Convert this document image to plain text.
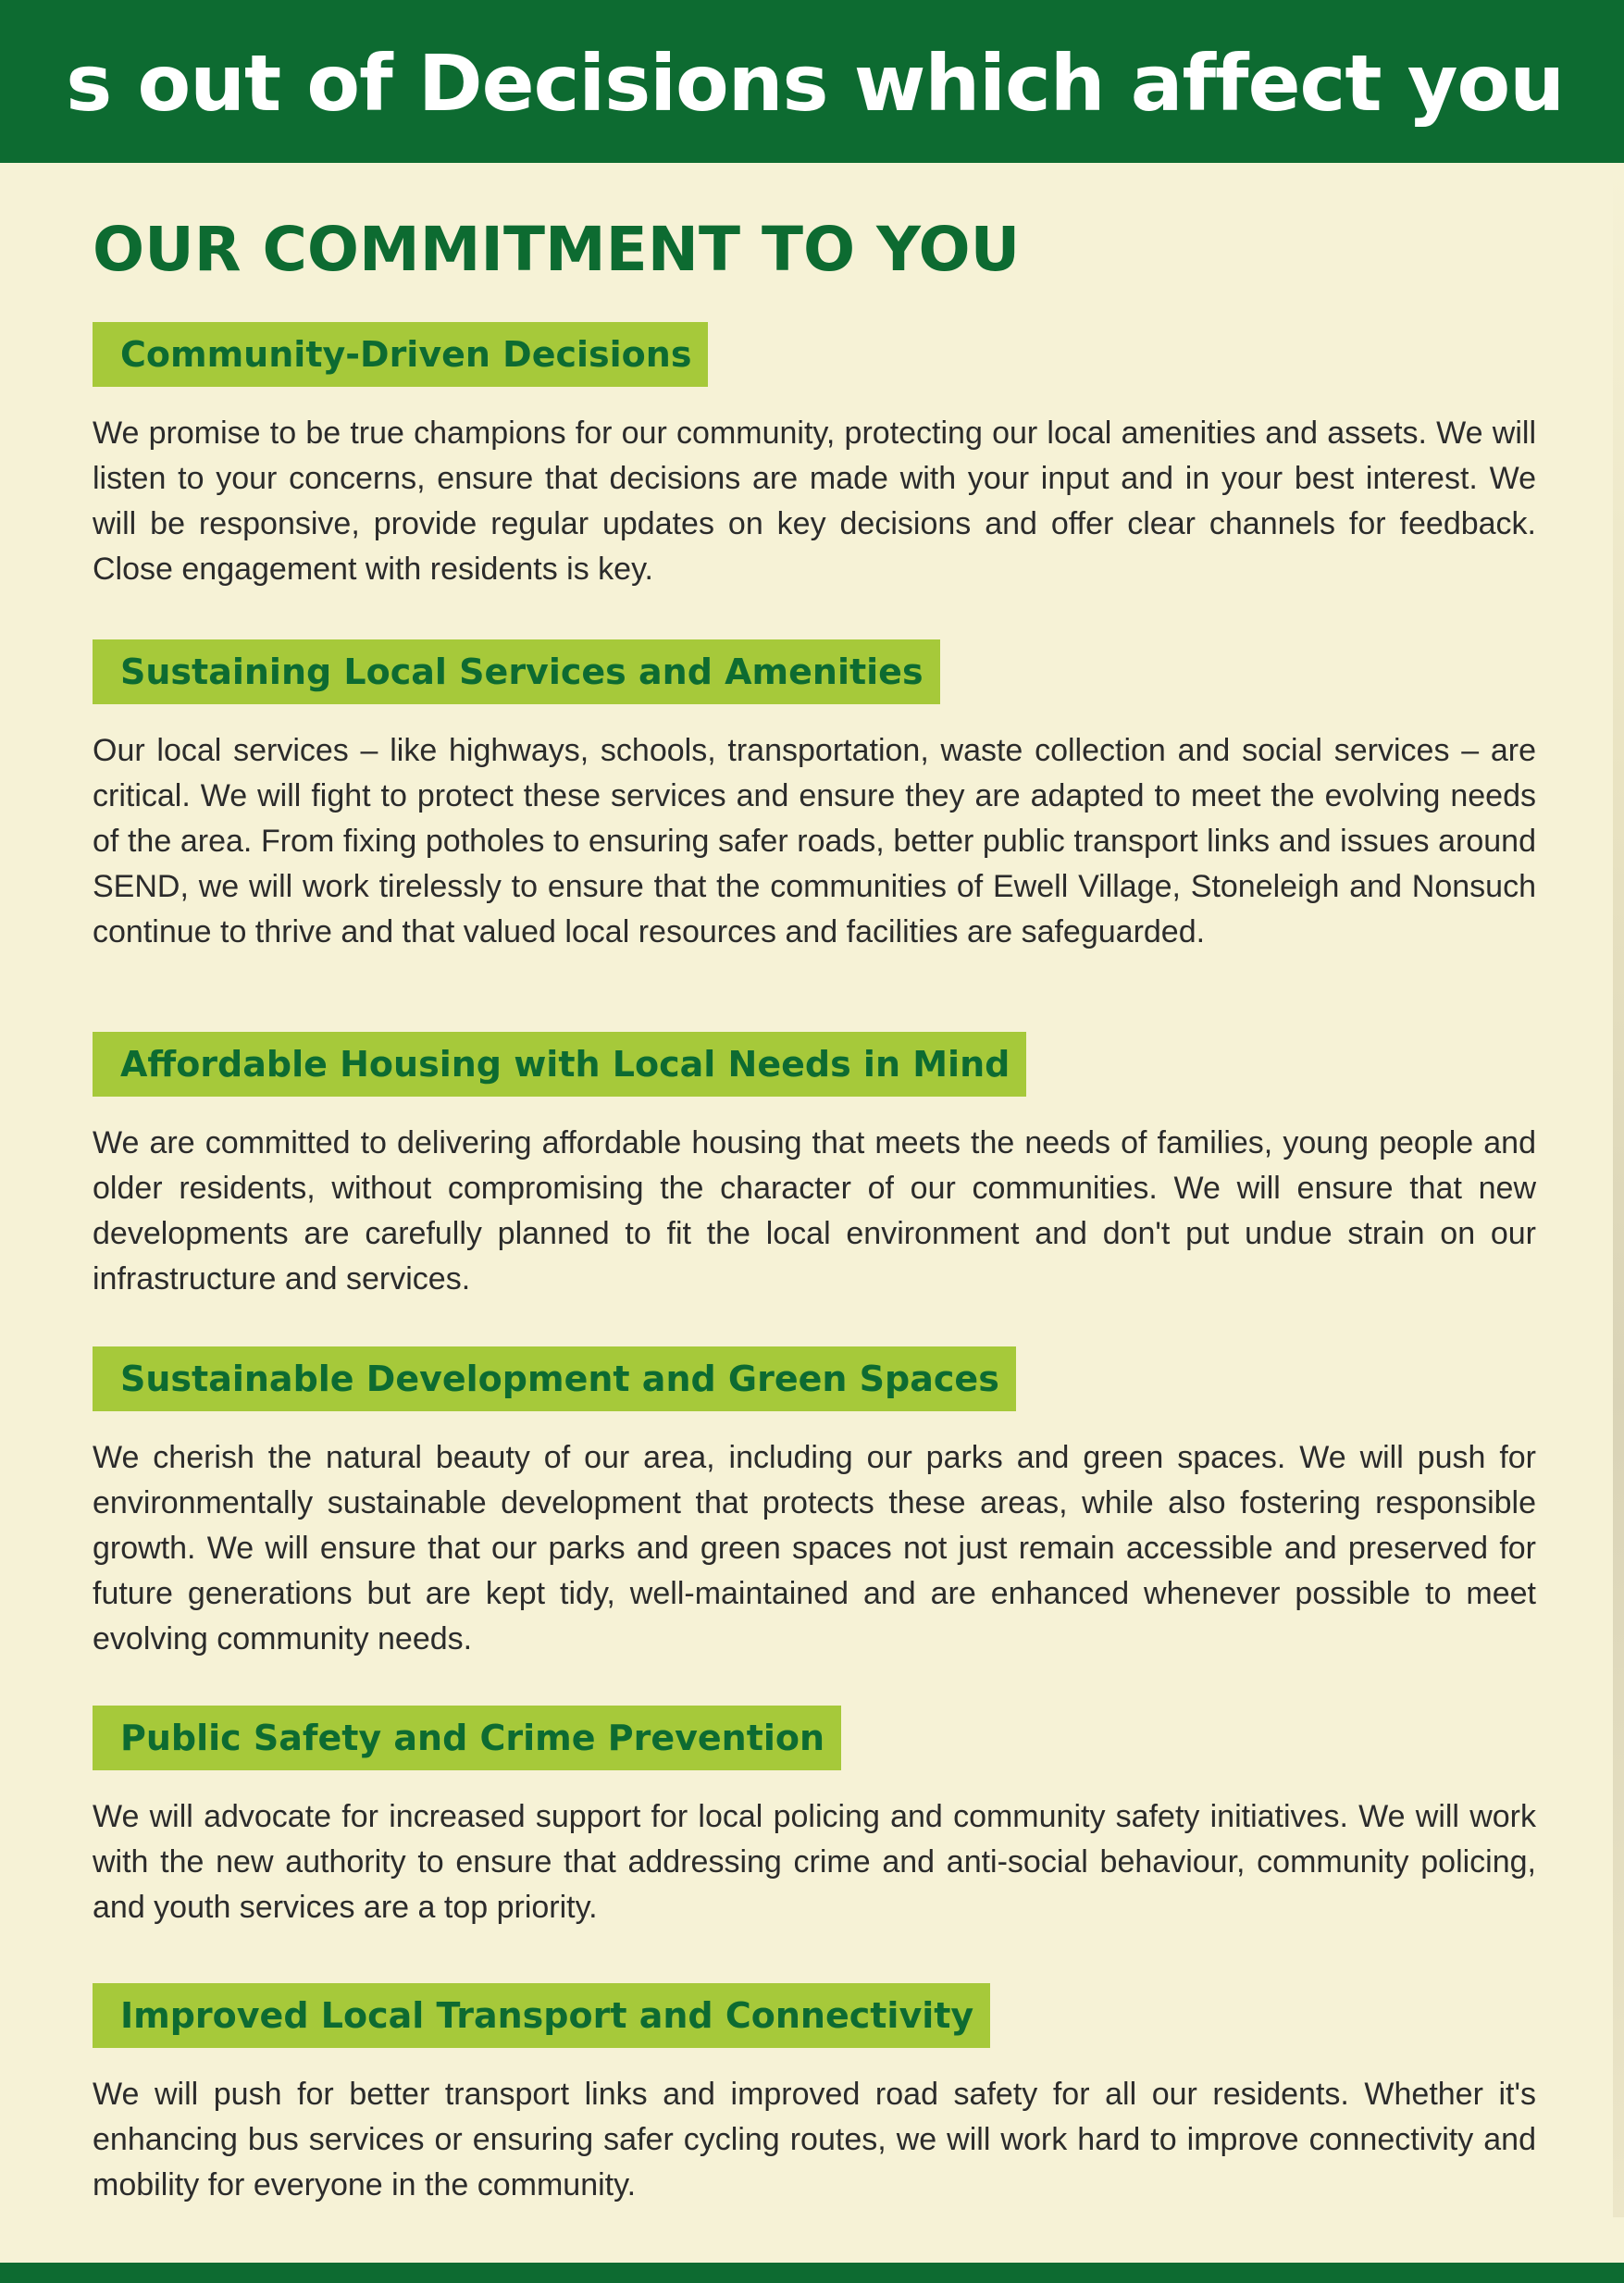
s out of Decisions which affect you
OUR COMMITMENT TO YOU
Community-Driven Decisions

We promise to be true champions for our community, protecting our local amenities and assets. We will listen to your concerns, ensure that decisions are made with your input and in your best interest. We will be responsive, provide regular updates on key decisions and offer clear channels for feedback. Close engagement with residents is key.

Sustaining Local Services and Amenities

Our local services – like highways, schools, transportation, waste collection and social services – are critical. We will fight to protect these services and ensure they are adapted to meet the evolving needs of the area. From fixing potholes to ensuring safer roads, better public transport links and issues around SEND, we will work tirelessly to ensure that the communities of Ewell Village, Stoneleigh and Nonsuch continue to thrive and that valued local resources and facilities are safeguarded.

Affordable Housing with Local Needs in Mind

We are committed to delivering affordable housing that meets the needs of families, young people and older residents, without compromising the character of our communities. We will ensure that new developments are carefully planned to fit the local environment and don't put undue strain on our infrastructure and services.

Sustainable Development and Green Spaces

We cherish the natural beauty of our area, including our parks and green spaces. We will push for environmentally sustainable development that protects these areas, while also fostering responsible growth. We will ensure that our parks and green spaces not just remain accessible and preserved for future generations but are kept tidy, well-maintained and are enhanced whenever possible to meet evolving community needs.

Public Safety and Crime Prevention

We will advocate for increased support for local policing and community safety initiatives. We will work with the new authority to ensure that addressing crime and anti-social behaviour, community policing, and youth services are a top priority.

Improved Local Transport and Connectivity

We will push for better transport links and improved road safety for all our residents. Whether it's enhancing bus services or ensuring safer cycling routes, we will work hard to improve connectivity and mobility for everyone in the community.
